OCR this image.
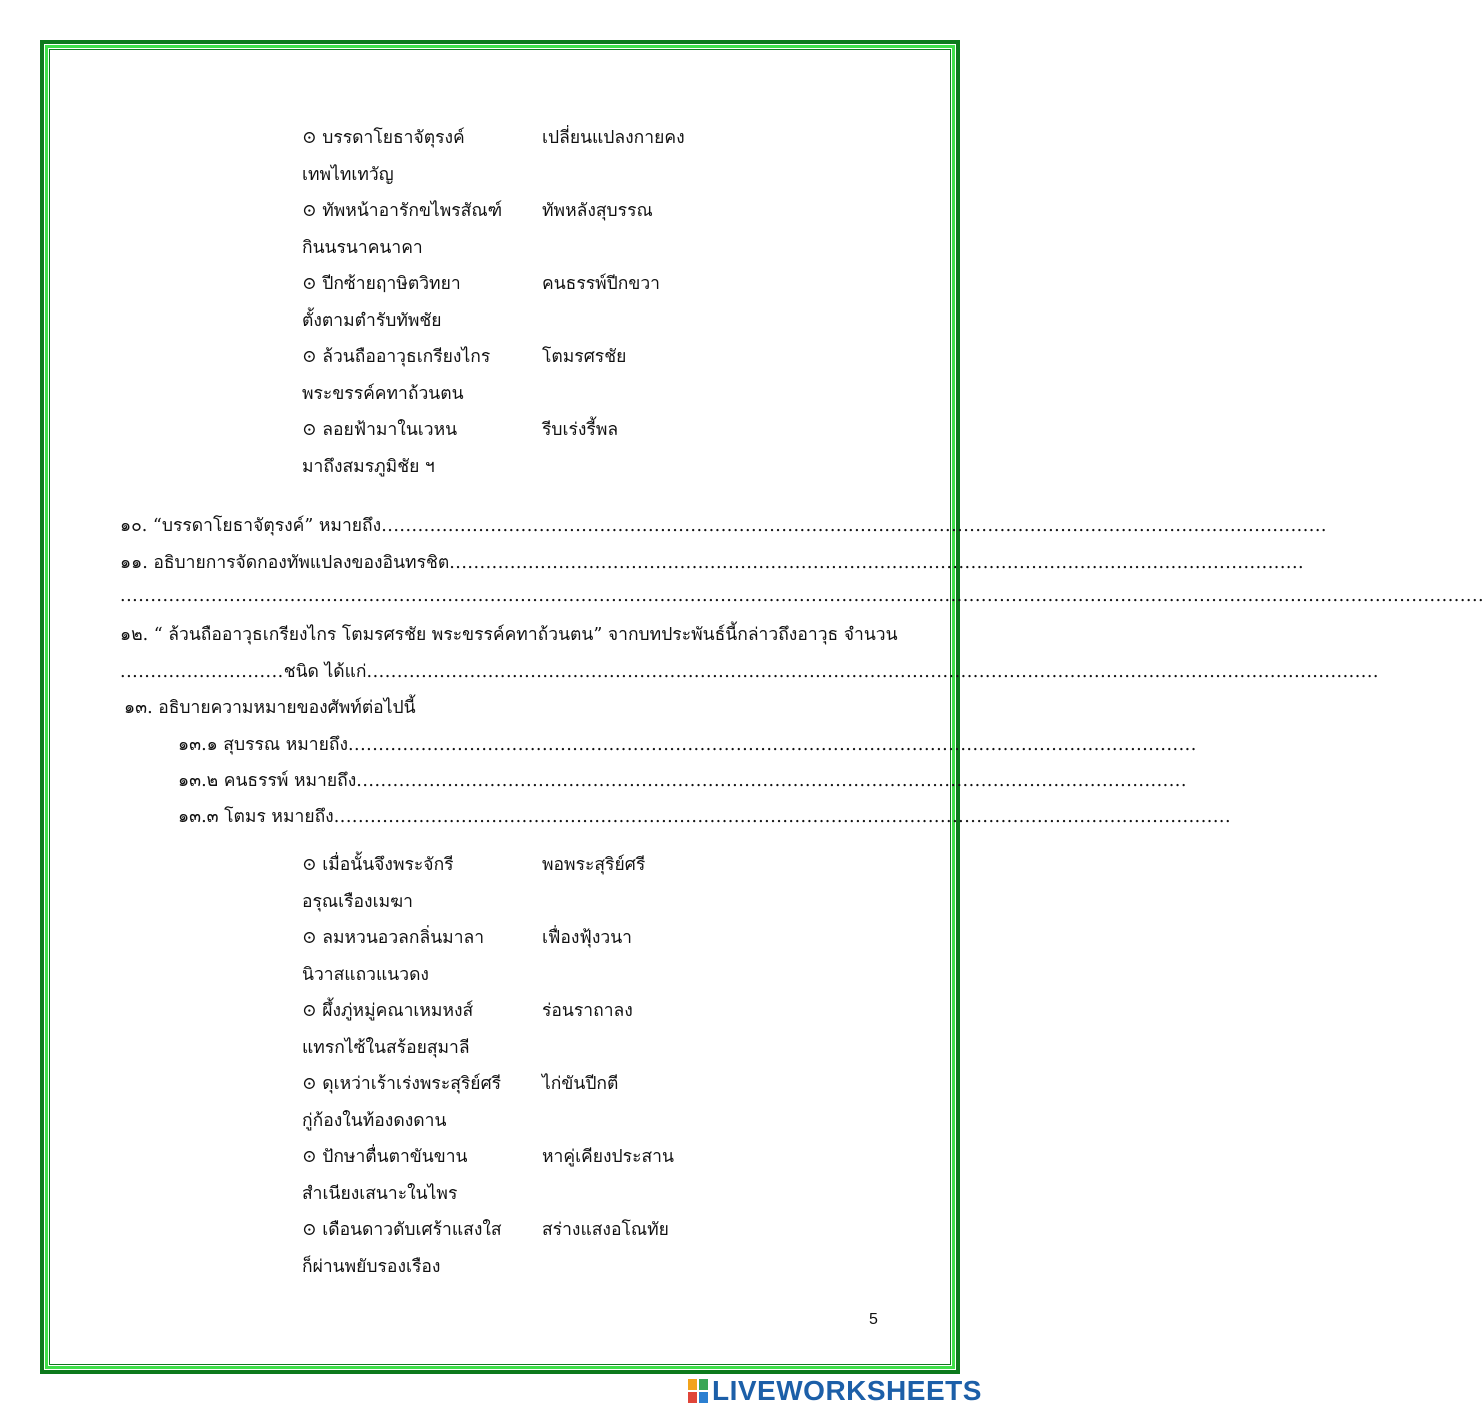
⊙ บรรดาโยธาจัตุรงค์	เปลี่ยนแปลงกายคง
เทพไทเทวัญ
⊙ ทัพหน้าอารักขไพรสัณฑ์ ทัพหลังสุบรรณ
กินนรนาคนาคา
⊙ ปีกซ้ายฤาษิตวิทยา	คนธรรพ์ปีกขวา
ตั้งตามตำรับทัพชัย
⊙ ล้วนถืออาวุธเกรียงไกร	โตมรศรชัย
พระขรรค์คทาถ้วนตน
⊙ ลอยฟ้ามาในเวหน	รีบเร่งรี้พล
มาถึงสมรภูมิชัย ฯ
๑๐. “บรรดาโยธาจัตุรงค์” หมายถึง............................................................................................................................................................
๑๑. อธิบายการจัดกองทัพแปลงของอินทรชิต.............................................................................................................................................
.................................................................................................................................................................................................................................
๑๒. “ ล้วนถืออาวุธเกรียงไกร โตมรศรชัย พระขรรค์คทาถ้วนตน” จากบทประพันธ์นี้กล่าวถึงอาวุธ จำนวน
...........................ชนิด ได้แก่.......................................................................................................................................................................
๑๓. อธิบายความหมายของศัพท์ต่อไปนี้
๑๓.๑ สุบรรณ หมายถึง............................................................................................................................................
๑๓.๒ คนธรรพ์ หมายถึง.........................................................................................................................................
๑๓.๓ โตมร หมายถึง....................................................................................................................................................
⊙ เมื่อนั้นจึงพระจักรี	พอพระสุริย์ศรี
อรุณเรืองเมฆา
⊙ ลมหวนอวลกลิ่นมาลา	เฟื่องฟุ้งวนา
นิวาสแถวแนวดง
⊙ ผึ้งภู่หมู่คณาเหมหงส์	ร่อนราถาลง
แทรกไซ้ในสร้อยสุมาลี
⊙ ดุเหว่าเร้าเร่งพระสุริย์ศรี ไก่ขันปีกตี
กู่ก้องในท้องดงดาน
⊙ ปักษาตื่นตาขันขาน	หาคู่เคียงประสาน
สำเนียงเสนาะในไพร
⊙ เดือนดาวดับเศร้าแสงใส สร่างแสงอโณทัย
ก็ผ่านพยับรองเรือง
5
LIVEWORKSHEETS
